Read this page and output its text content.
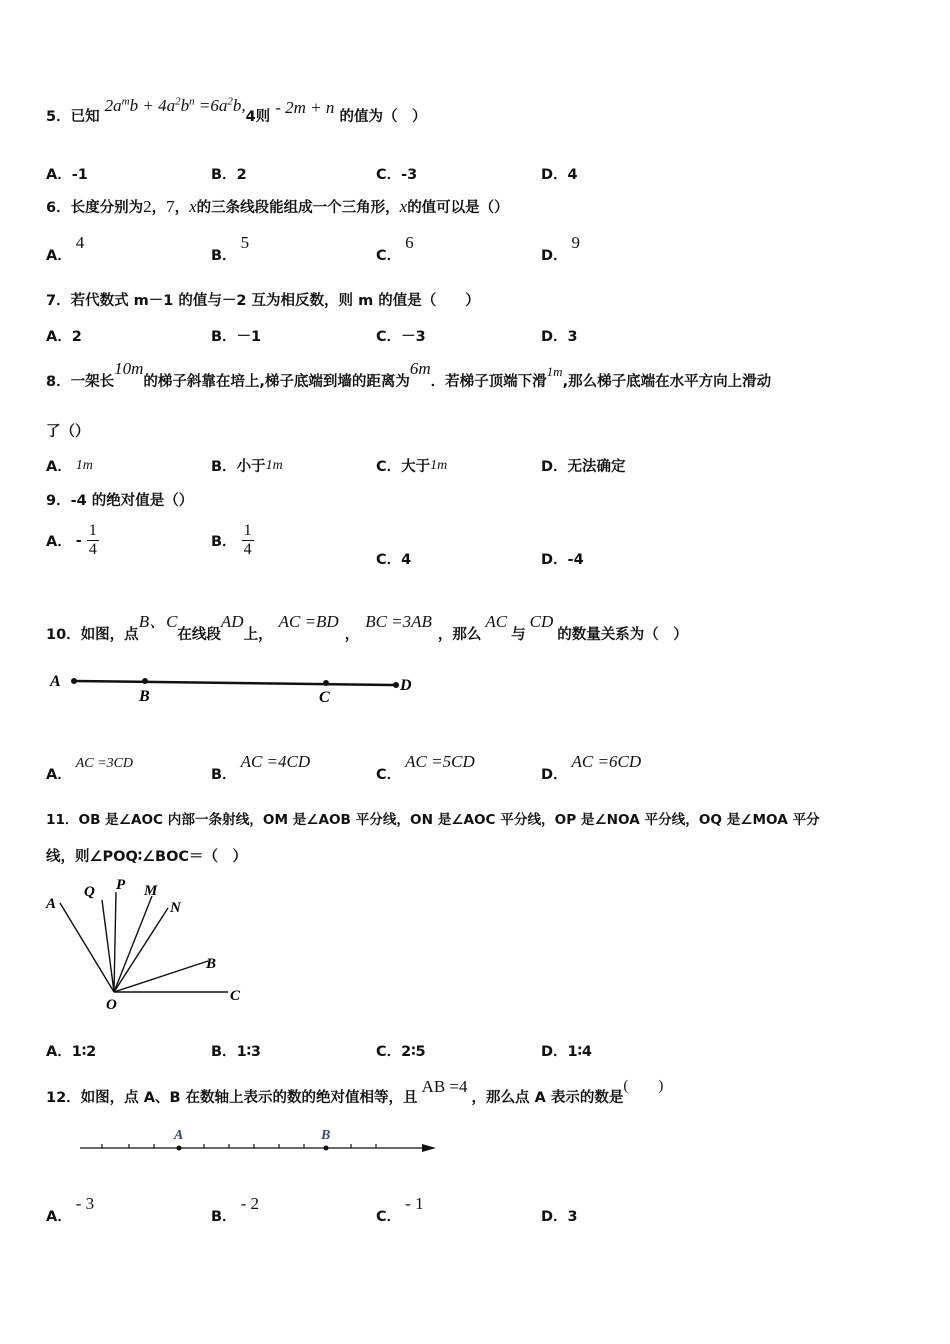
5．已知 $2a^mb + 4a^2b^n =6a^2b,4$则 - 2m + n 的值为（　）
A．-1	B．2	C．-3	D．4
6．长度分别为2，7，x的三条线段能组成一个三角形，x的值可以是（）
A．4
B．5
C．6
D．9
7．若代数式 m－1 的值与－2 互为相反数，则 m 的值是（　　）
A．2	B．－1	C．－3	D．3
8．一架长10m的梯子斜靠在培上,梯子底端到墙的距离为6m．若梯子顶端下滑1m,那么梯子底端在水平方向上滑动
了（）
A． 1m	B．小于1m	C．大于1m	D．无法确定
9．-4 的绝对值是（）
A． - $\frac{1}{4}$	B． $\frac{1}{4}$
C．4	D．-4
10．如图，点B、C在线段AD上，AC =BD，BC =3AB，那么AC与CD的数量关系为（　）
A
B	C
D
A．AC =3CD
B．AC =4CD
C．AC =5CD
D．AC =6CD
11．OB 是∠AOC 内部一条射线，OM 是∠AOB 平分线，ON 是∠AOC 平分线，OP 是∠NOA 平分线，OQ 是∠MOA 平分
线，则∠POQ∶∠BOC＝（　）
A
Q P M
N
B
O
C
A．1∶2	B．1∶3	C．2∶5	D．1∶4
12．如图，点 A、B 在数轴上表示的数的绝对值相等，且AB =4，那么点 A 表示的数是(　　)
A	B
A．- 3
B．- 2
C．- 1
D．3
